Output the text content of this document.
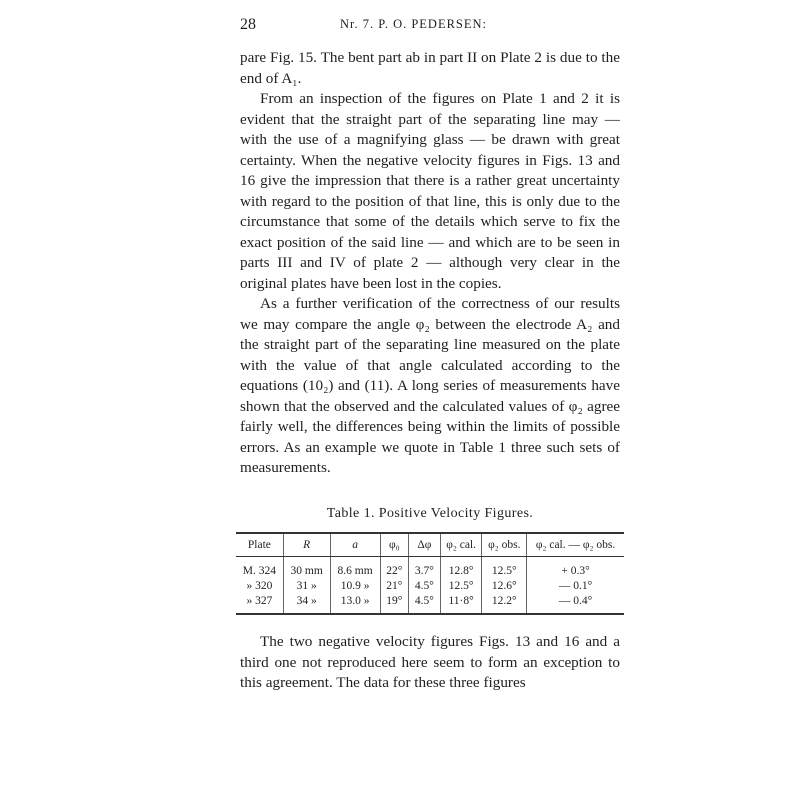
28	Nr. 7. P. O. PEDERSEN:

pare Fig. 15. The bent part ab in part II on Plate 2 is due to the end of A₁.

From an inspection of the figures on Plate 1 and 2 it is evident that the straight part of the separating line may — with the use of a magnifying glass — be drawn with great certainty. When the negative velocity figures in Figs. 13 and 16 give the impression that there is a rather great uncertainty with regard to the position of that line, this is only due to the circumstance that some of the details which serve to fix the exact position of the said line — and which are to be seen in parts III and IV of plate 2 — although very clear in the original plates have been lost in the copies.

As a further verification of the correctness of our results we may compare the angle φ₂ between the electrode A₂ and the straight part of the separating line measured on the plate with the value of that angle calculated according to the equations (10₂) and (11). A long series of measurements have shown that the observed and the calculated values of φ₂ agree fairly well, the differences being within the limits of possible errors. As an example we quote in Table 1 three such sets of measurements.

Table 1. Positive Velocity Figures.
Plate	R	a	φ₀	Δφ	φ₂ cal.	φ₂ obs.	φ₂ cal. — φ₂ obs.

M. 324	30 mm	8.6 mm	22°	3.7°	12.8°	12.5°	+ 0.3°
» 320	31 »	10.9 »	21°	4.5°	12.5°	12.6°	— 0.1°
» 327	34 »	13.0 »	19°	4.5°	11·8°	12.2°	— 0.4°

The two negative velocity figures Figs. 13 and 16 and a third one not reproduced here seem to form an exception to this agreement. The data for these three figures
